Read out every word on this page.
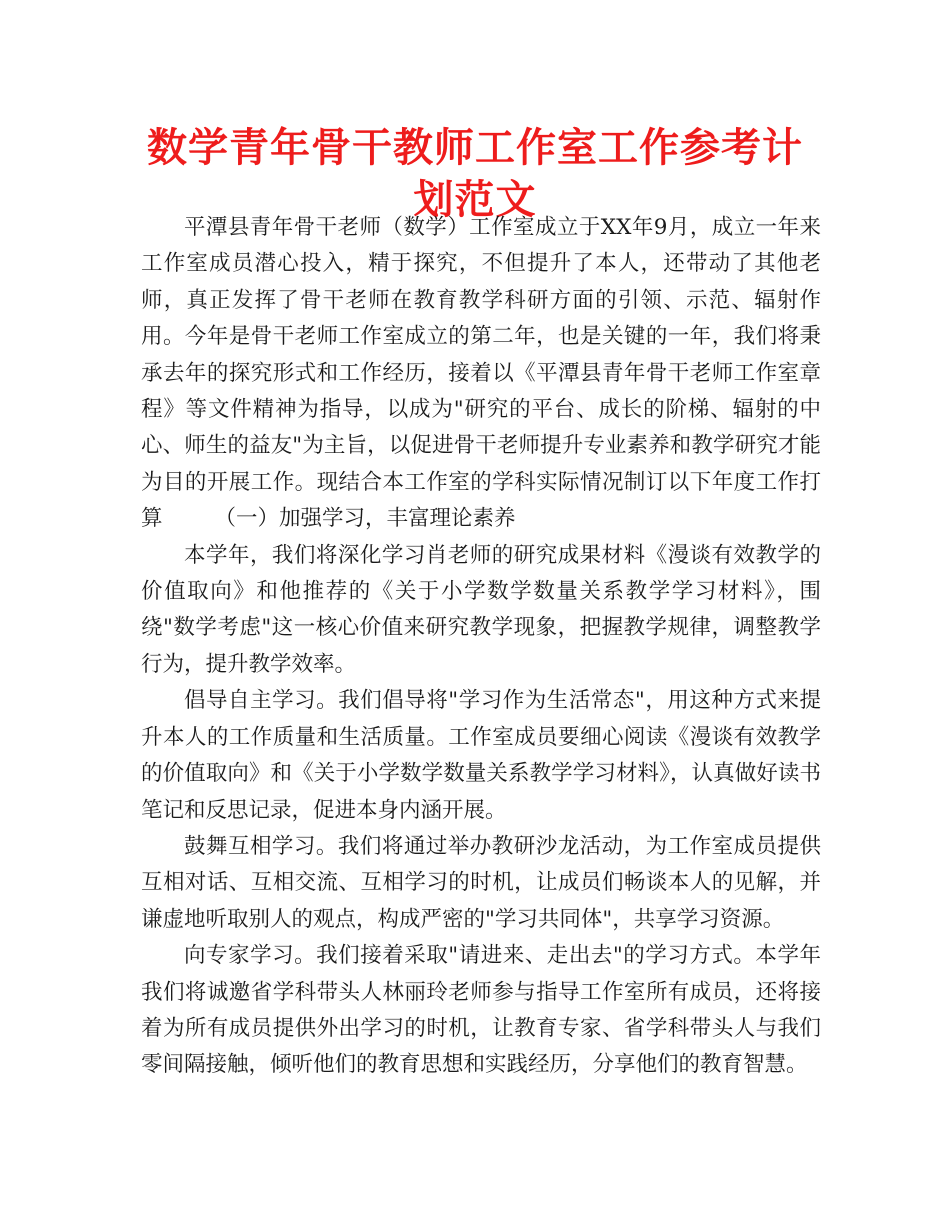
数学青年骨干教师工作室工作参考计划范文

平潭县青年骨干老师（数学）工作室成立于XX年9月，成立一年来工作室成员潜心投入，精于探究，不但提升了本人，还带动了其他老师，真正发挥了骨干老师在教育教学科研方面的引领、示范、辐射作用。今年是骨干老师工作室成立的第二年，也是关键的一年，我们将秉承去年的探究形式和工作经历，接着以《平潭县青年骨干老师工作室章程》等文件精神为指导，以成为"研究的平台、成长的阶梯、辐射的中心、师生的益友"为主旨，以促进骨干老师提升专业素养和教学研究才能为目的开展工作。现结合本工作室的学科实际情况制订以下年度工作打算 （一）加强学习，丰富理论素养

本学年，我们将深化学习肖老师的研究成果材料《漫谈有效教学的价值取向》和他推荐的《关于小学数学数量关系教学学习材料》，围绕"数学考虑"这一核心价值来研究教学现象，把握教学规律，调整教学行为，提升教学效率。

倡导自主学习。我们倡导将"学习作为生活常态"，用这种方式来提升本人的工作质量和生活质量。工作室成员要细心阅读《漫谈有效教学的价值取向》和《关于小学数学数量关系教学学习材料》，认真做好读书笔记和反思记录，促进本身内涵开展。

鼓舞互相学习。我们将通过举办教研沙龙活动，为工作室成员提供互相对话、互相交流、互相学习的时机，让成员们畅谈本人的见解，并谦虚地听取别人的观点，构成严密的"学习共同体"，共享学习资源。

向专家学习。我们接着采取"请进来、走出去"的学习方式。本学年我们将诚邀省学科带头人林丽玲老师参与指导工作室所有成员，还将接着为所有成员提供外出学习的时机，让教育专家、省学科带头人与我们零间隔接触，倾听他们的教育思想和实践经历，分享他们的教育智慧。
